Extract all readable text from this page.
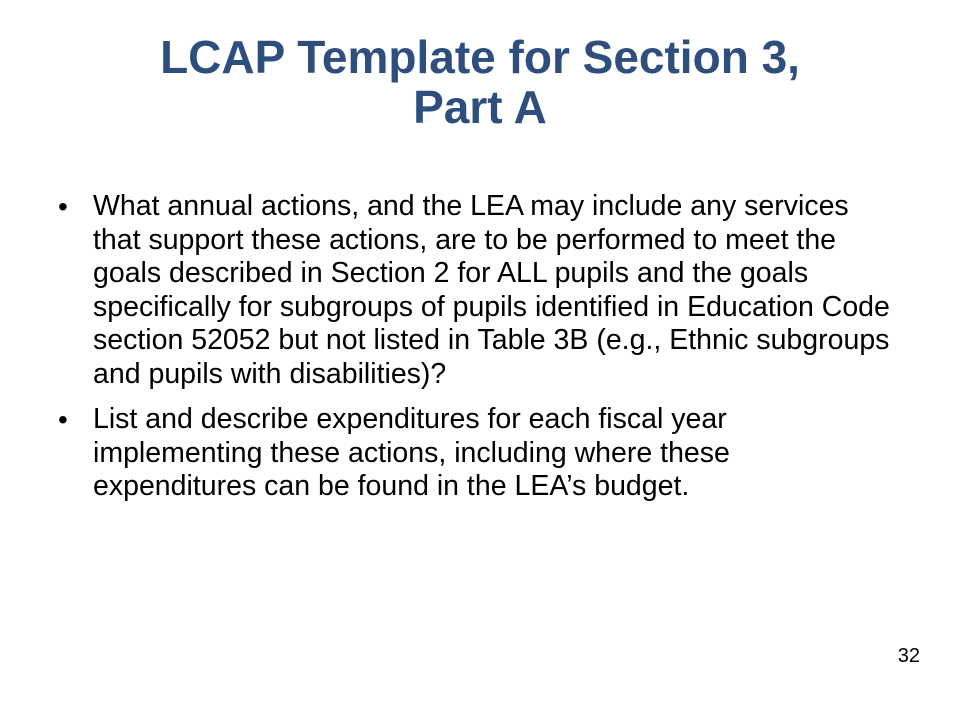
LCAP Template for Section 3,
Part A
• What annual actions, and the LEA may include any services that support these actions, are to be performed to meet the goals described in Section 2 for ALL pupils and the goals specifically for subgroups of pupils identified in Education Code section 52052 but not listed in Table 3B (e.g., Ethnic subgroups and pupils with disabilities)?
• List and describe expenditures for each fiscal year implementing these actions, including where these expenditures can be found in the LEA’s budget.
32
